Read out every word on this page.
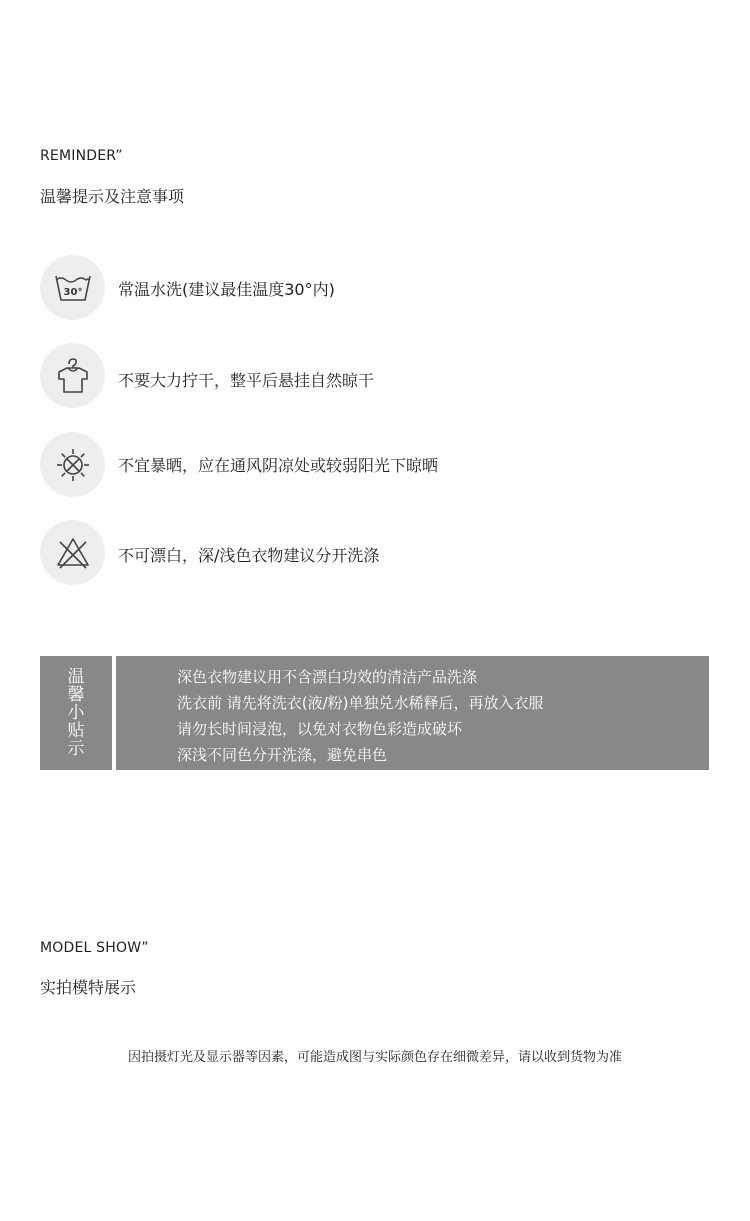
REMINDER”
温馨提示及注意事项
30° 常温水洗(建议最佳温度30°内)
不要大力拧干，整平后悬挂自然晾干
不宜暴晒，应在通风阴凉处或较弱阳光下晾晒
不可漂白，深/浅色衣物建议分开洗涤
温
馨
小
贴
示
深色衣物建议用不含漂白功效的清洁产品洗涤
洗衣前 请先将洗衣(液/粉)单独兑水稀释后，再放入衣服
请勿长时间浸泡，以免对衣物色彩造成破坏
深浅不同色分开洗涤，避免串色
MODEL SHOW”
实拍模特展示
因拍摄灯光及显示器等因素，可能造成图与实际颜色存在细微差异，请以收到货物为准
